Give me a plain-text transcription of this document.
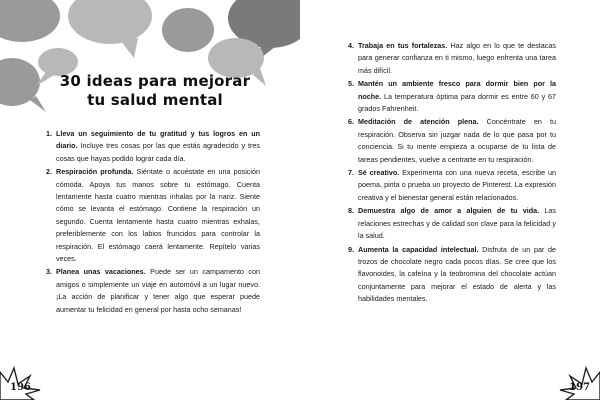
30 ideas para mejorar
tu salud mental
1. Lleva un seguimiento de tu gratitud y tus logros en un diario. Incluye tres cosas por las que estás agradecido y tres cosas que hayas podido lograr cada día.
2. Respiración profunda. Siéntate o acuéstate en una posición cómoda. Apoya tus manos sobre tu estómago. Cuenta lentamente hasta cuatro mientras inhalas por la nariz. Siente cómo se levanta el estómago. Contiene la respiración un segundo. Cuenta lentamente hasta cuatro mientras exhalas, preferiblemente con los labios fruncidos para controlar la respiración. El estómago caerá lentamente. Repítelo varias veces.
3. Planea unas vacaciones. Puede ser un campamento con amigos o simplemente un viaje en automóvil a un lugar nuevo. ¡La acción de planificar y tener algo que esperar puede aumentar tu felicidad en general por hasta ocho semanas!
196
4. Trabaja en tus fortalezas. Haz algo en lo que te destacas para generar confianza en ti mismo, luego enfrenta una tarea más difícil.
5. Mantén un ambiente fresco para dormir bien por la noche. La temperatura óptima para dormir es entre 60 y 67 grados Fahrenheit.
6. Meditación de atención plena. Concéntrate en tu respiración. Observa sin juzgar nada de lo que pasa por tu conciencia. Si tu mente empieza a ocuparse de tu lista de tareas pendientes, vuelve a centrarte en tu respiración.
7. Sé creativo. Experimenta con una nueva receta, escribe un poema, pinta o prueba un proyecto de Pinterest. La expresión creativa y el bienestar general están relacionados.
8. Demuestra algo de amor a alguien de tu vida. Las relaciones estrechas y de calidad son clave para la felicidad y la salud.
9. Aumenta la capacidad intelectual. Disfruta de un par de trozos de chocolate negro cada pocos días. Se cree que los flavonoides, la cafeína y la teobromina del chocolate actúan conjuntamente para mejorar el estado de alerta y las habilidades mentales.
197
